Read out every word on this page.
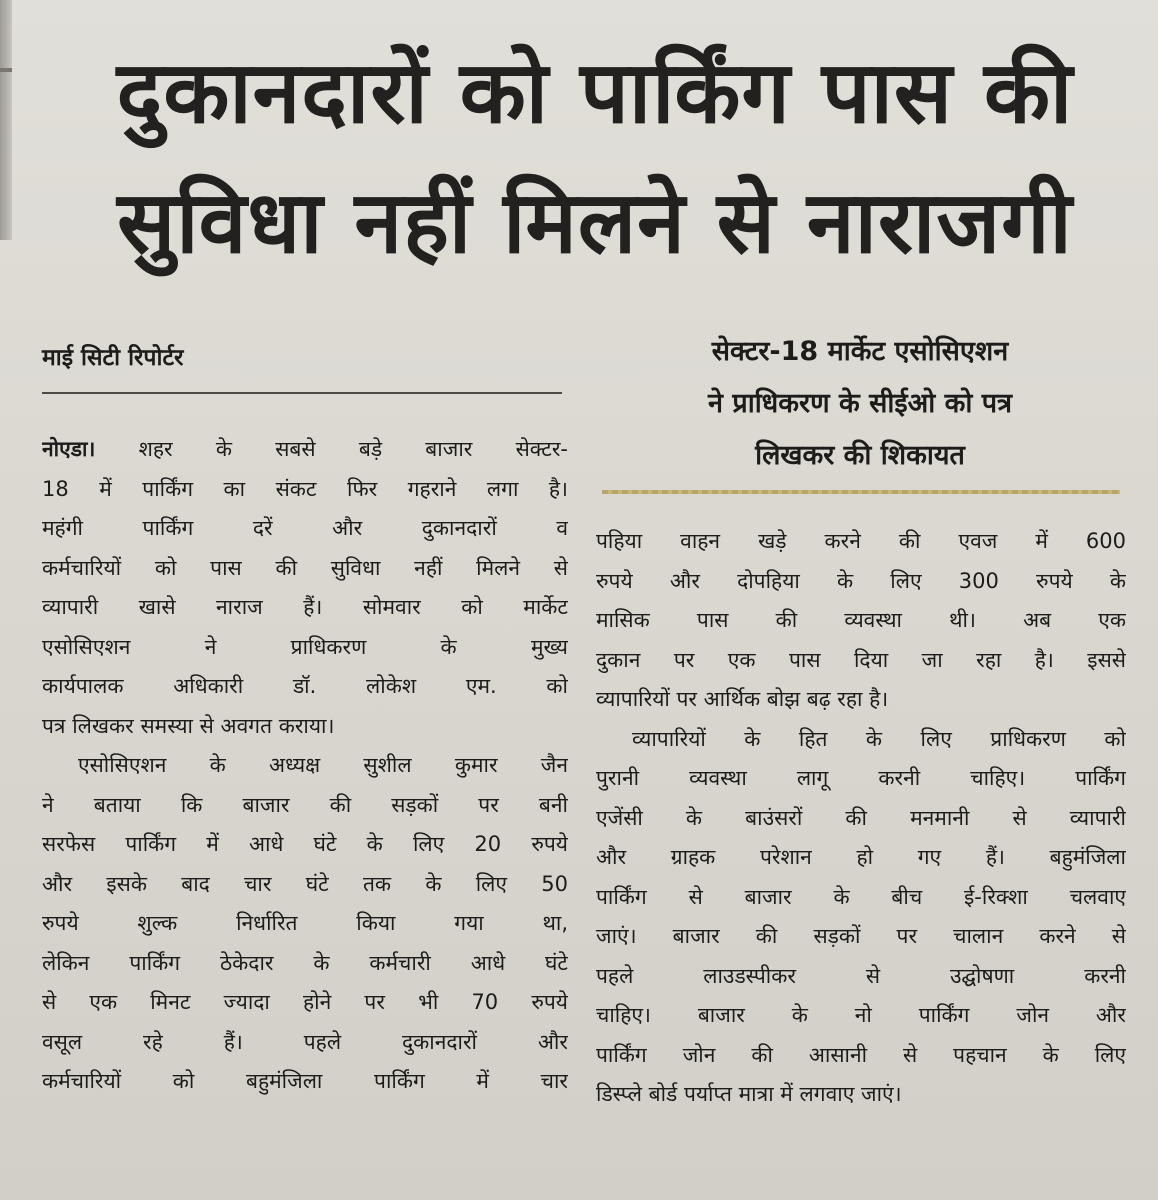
दुकानदारों को पार्किंग पास की
सुविधा नहीं मिलने से नाराजगी
माई सिटी रिपोर्टर	सेक्टर-18 मार्केट एसोसिएशन
ने प्राधिकरण के सीईओ को पत्र
लिखकर की शिकायत
नोएडा। शहर के सबसे बड़े बाजार सेक्टर-
18 में पार्किंग का संकट फिर गहराने लगा है।
महंगी पार्किंग दरें और दुकानदारों व
कर्मचारियों को पास की सुविधा नहीं मिलने से
व्यापारी खासे नाराज हैं। सोमवार को मार्केट
एसोसिएशन ने प्राधिकरण के मुख्य
कार्यपालक अधिकारी डॉ. लोकेश एम. को
पत्र लिखकर समस्या से अवगत कराया।
एसोसिएशन के अध्यक्ष सुशील कुमार जैन
ने बताया कि बाजार की सड़कों पर बनी
सरफेस पार्किंग में आधे घंटे के लिए 20 रुपये
और इसके बाद चार घंटे तक के लिए 50
रुपये शुल्क निर्धारित किया गया था,
लेकिन पार्किंग ठेकेदार के कर्मचारी आधे घंटे
से एक मिनट ज्यादा होने पर भी 70 रुपये
वसूल रहे हैं। पहले दुकानदारों और
कर्मचारियों को बहुमंजिला पार्किंग में चार
पहिया वाहन खड़े करने की एवज में 600
रुपये और दोपहिया के लिए 300 रुपये के
मासिक पास की व्यवस्था थी। अब एक
दुकान पर एक पास दिया जा रहा है। इससे
व्यापारियों पर आर्थिक बोझ बढ़ रहा है।
व्यापारियों के हित के लिए प्राधिकरण को
पुरानी व्यवस्था लागू करनी चाहिए। पार्किंग
एजेंसी के बाउंसरों की मनमानी से व्यापारी
और ग्राहक परेशान हो गए हैं। बहुमंजिला
पार्किंग से बाजार के बीच ई-रिक्शा चलवाए
जाएं। बाजार की सड़कों पर चालान करने से
पहले लाउडस्पीकर से उद्घोषणा करनी
चाहिए। बाजार के नो पार्किंग जोन और
पार्किंग जोन की आसानी से पहचान के लिए
डिस्प्ले बोर्ड पर्याप्त मात्रा में लगवाए जाएं।
